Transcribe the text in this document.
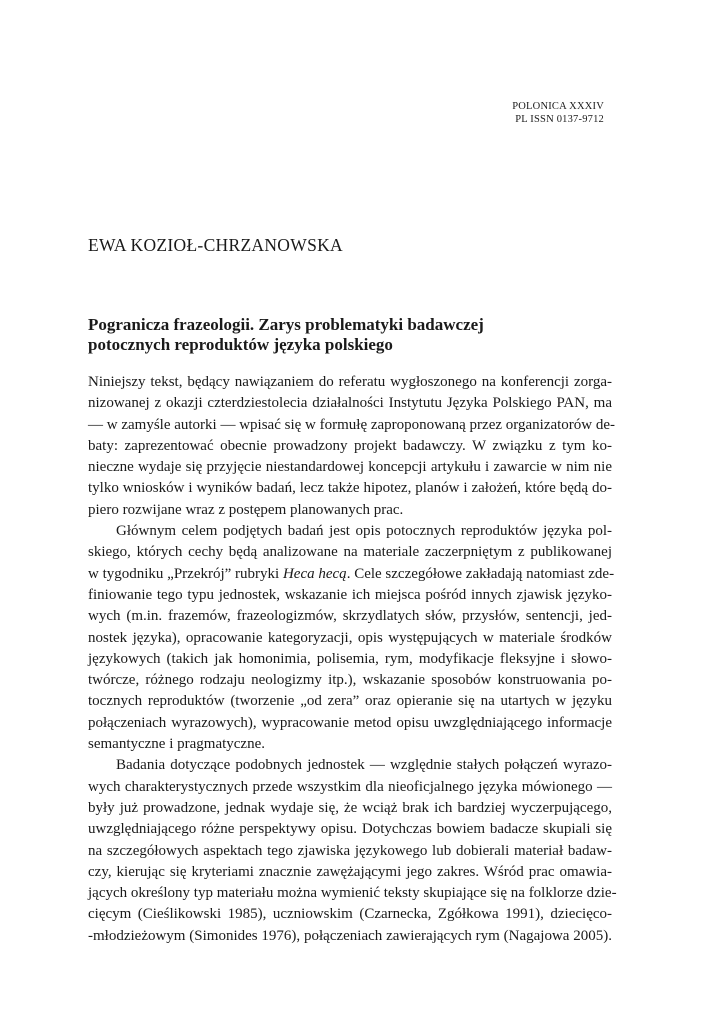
POLONICA XXXIV
PL ISSN 0137-9712
EWA KOZIOŁ-CHRZANOWSKA
Pogranicza frazeologii. Zarys problematyki badawczej
potocznych reproduktów języka polskiego
Niniejszy tekst, będący nawiązaniem do referatu wygłoszonego na konferencji zorga-
nizowanej z okazji czterdziestolecia działalności Instytutu Języka Polskiego PAN, ma
— w zamyśle autorki — wpisać się w formułę zaproponowaną przez organizatorów de-
baty: zaprezentować obecnie prowadzony projekt badawczy. W związku z tym ko-
nieczne wydaje się przyjęcie niestandardowej koncepcji artykułu i zawarcie w nim nie
tylko wniosków i wyników badań, lecz także hipotez, planów i założeń, które będą do-
piero rozwijane wraz z postępem planowanych prac.
Głównym celem podjętych badań jest opis potocznych reproduktów języka pol-
skiego, których cechy będą analizowane na materiale zaczerpniętym z publikowanej
w tygodniku „Przekrój” rubryki Heca hecą. Cele szczegółowe zakładają natomiast zde-
finiowanie tego typu jednostek, wskazanie ich miejsca pośród innych zjawisk języko-
wych (m.in. frazemów, frazeologizmów, skrzydlatych słów, przysłów, sentencji, jed-
nostek języka), opracowanie kategoryzacji, opis występujących w materiale środków
językowych (takich jak homonimia, polisemia, rym, modyfikacje fleksyjne i słowo-
twórcze, różnego rodzaju neologizmy itp.), wskazanie sposobów konstruowania po-
tocznych reproduktów (tworzenie „od zera” oraz opieranie się na utartych w języku
połączeniach wyrazowych), wypracowanie metod opisu uwzględniającego informacje
semantyczne i pragmatyczne.
Badania dotyczące podobnych jednostek — względnie stałych połączeń wyrazo-
wych charakterystycznych przede wszystkim dla nieoficjalnego języka mówionego —
były już prowadzone, jednak wydaje się, że wciąż brak ich bardziej wyczerpującego,
uwzględniającego różne perspektywy opisu. Dotychczas bowiem badacze skupiali się
na szczegółowych aspektach tego zjawiska językowego lub dobierali materiał badaw-
czy, kierując się kryteriami znacznie zawężającymi jego zakres. Wśród prac omawia-
jących określony typ materiału można wymienić teksty skupiające się na folklorze dzie-
cięcym (Cieślikowski 1985), uczniowskim (Czarnecka, Zgółkowa 1991), dziecięco-
-młodzieżowym (Simonides 1976), połączeniach zawierających rym (Nagajowa 2005).
